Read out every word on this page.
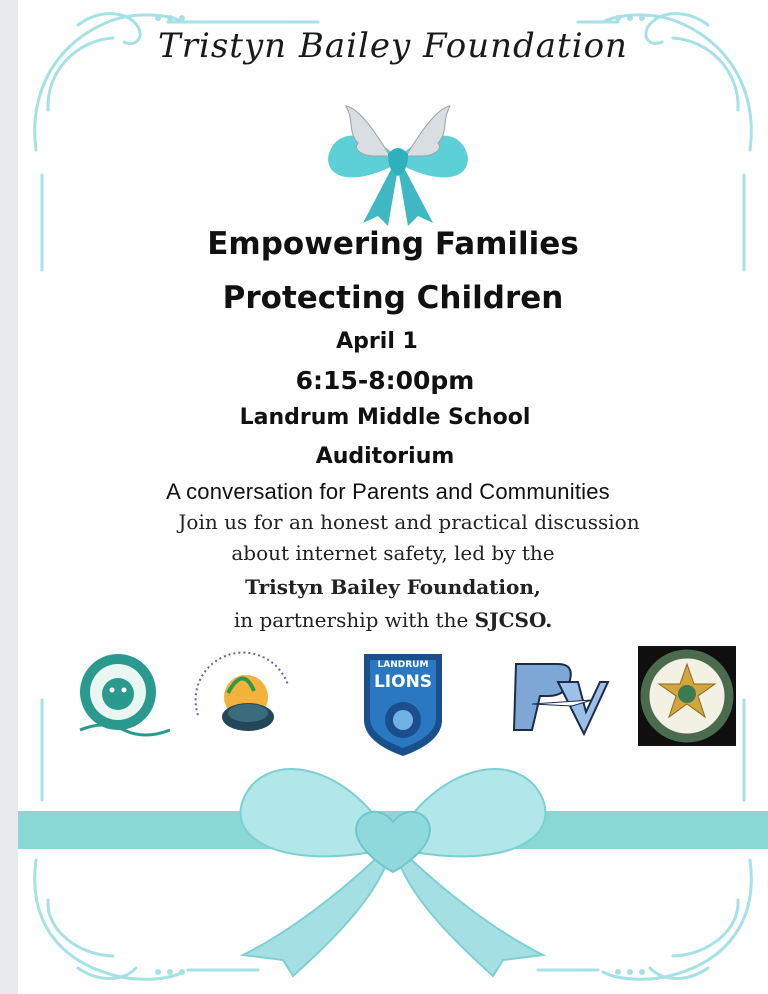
Tristyn Bailey Foundation
Empowering Families
Protecting Children
April 1
6:15-8:00pm
Landrum Middle School
Auditorium
A conversation for Parents and Communities
Join us for an honest and practical discussion
about internet safety, led by the
Tristyn Bailey Foundation,
in partnership with the SJCSO.
LANDRUM
LIONS
